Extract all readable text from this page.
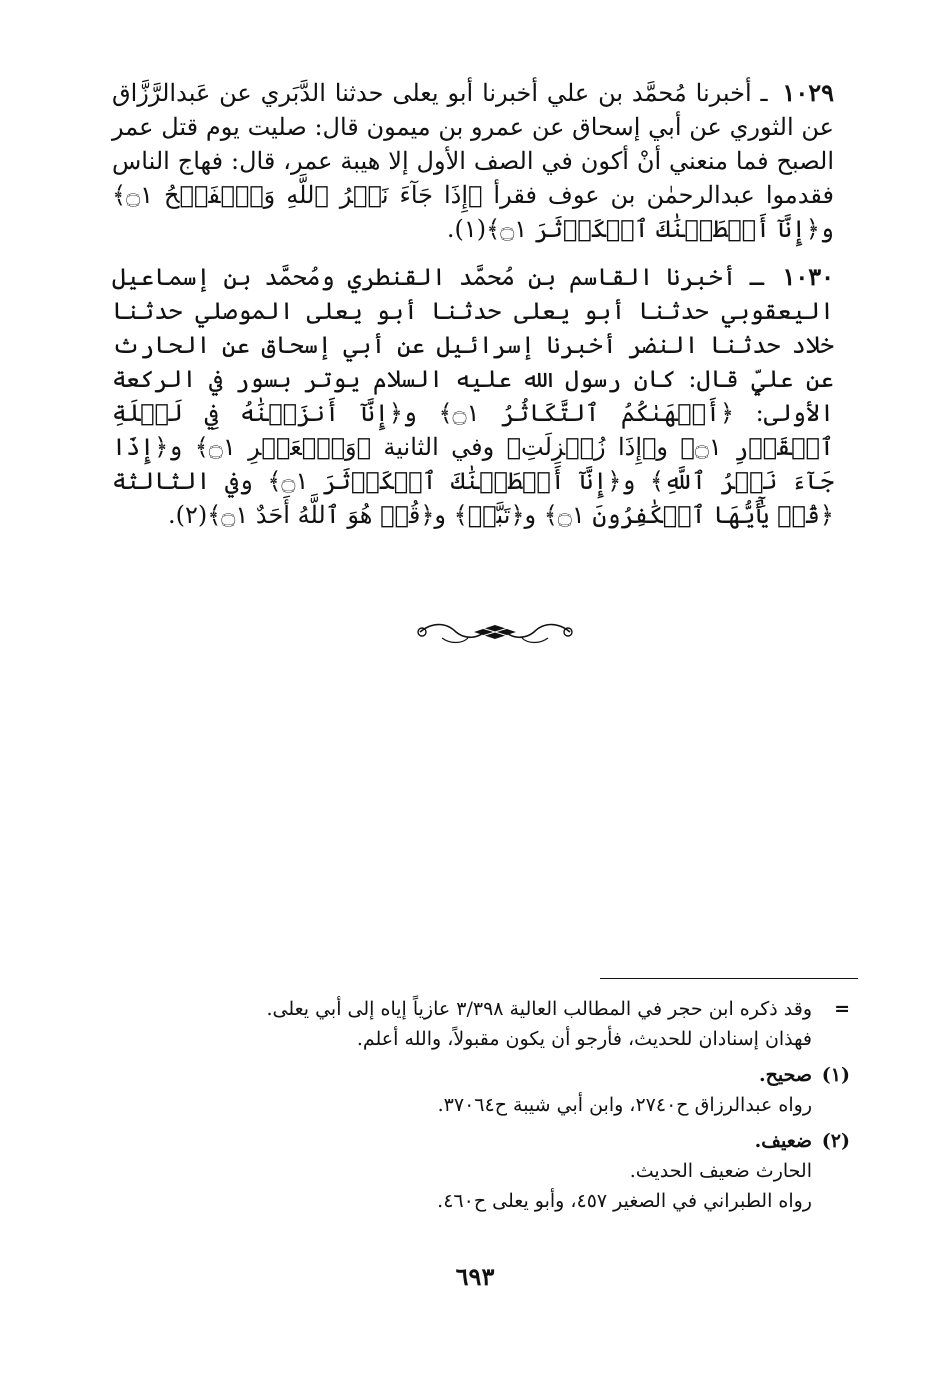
١٠٢٩ ـ أخبرنا مُحمَّد بن علي أخبرنا أبو يعلى حدثنا الدَّبَري عن عَبدالرَّزَّاق عن الثوري عن أبي إسحاق عن عمرو بن ميمون قال: صليت يوم قتل عمر الصبح فما منعني أنْ أكون في الصف الأول إلا هيبة عمر، قال: فهاج الناس فقدموا عبدالرحمٰن بن عوف فقرأ ﴿إِذَا جَآءَ نَصۡرُ ٱللَّهِ وَٱلۡفَتۡحُ ۝١﴾ و﴿إِنَّآ أَعۡطَيۡنَٰكَ ٱلۡكَوۡثَرَ ۝١﴾(١).

١٠٣٠ ـ أخبرنا القاسم بن مُحمَّد القنطري ومُحمَّد بن إسماعيل اليعقوبي حدثنا أبو يعلى حدثنا أبو يعلى الموصلي حدثنا خلاد حدثنا النضر أخبرنا إسرائيل عن أبي إسحاق عن الحارث عن عليٍّ قال: كان رسول الله عليه السلام يوتر بسور في الركعة الأولى: ﴿أَلۡهَىٰكُمُ ٱلتَّكَاثُرُ ۝١﴾ و﴿إِنَّآ أَنزَلۡنَٰهُ فِي لَيۡلَةِ ٱلۡقَدۡرِ ۝١﴾ و﴿إِذَا زُلۡزِلَتِ﴾ وفي الثانية ﴿وَٱلۡعَصۡرِ ۝١﴾ و﴿إِذَا جَآءَ نَصۡرُ ٱللَّهِ﴾ و﴿إِنَّآ أَعۡطَيۡنَٰكَ ٱلۡكَوۡثَرَ ۝١﴾ وفي الثالثة ﴿قُلۡ يَٰٓأَيُّهَا ٱلۡكَٰفِرُونَ ۝١﴾ و﴿تَبَّتۡ﴾ و﴿قُلۡ هُوَ ٱللَّهُ أَحَدٌ ۝١﴾(٢).

=
وقد ذكره ابن حجر في المطالب العالية ٣/٣٩٨ عازياً إياه إلى أبي يعلى.
فهذان إسنادان للحديث، فأرجو أن يكون مقبولاً، والله أعلم.
(١)
صحيح.
رواه عبدالرزاق ح٢٧٤٠، وابن أبي شيبة ح٣٧٠٦٤.
(٢)
ضعيف.
الحارث ضعيف الحديث.
رواه الطبراني في الصغير ٤٥٧، وأبو يعلى ح٤٦٠.
٦٩٣
